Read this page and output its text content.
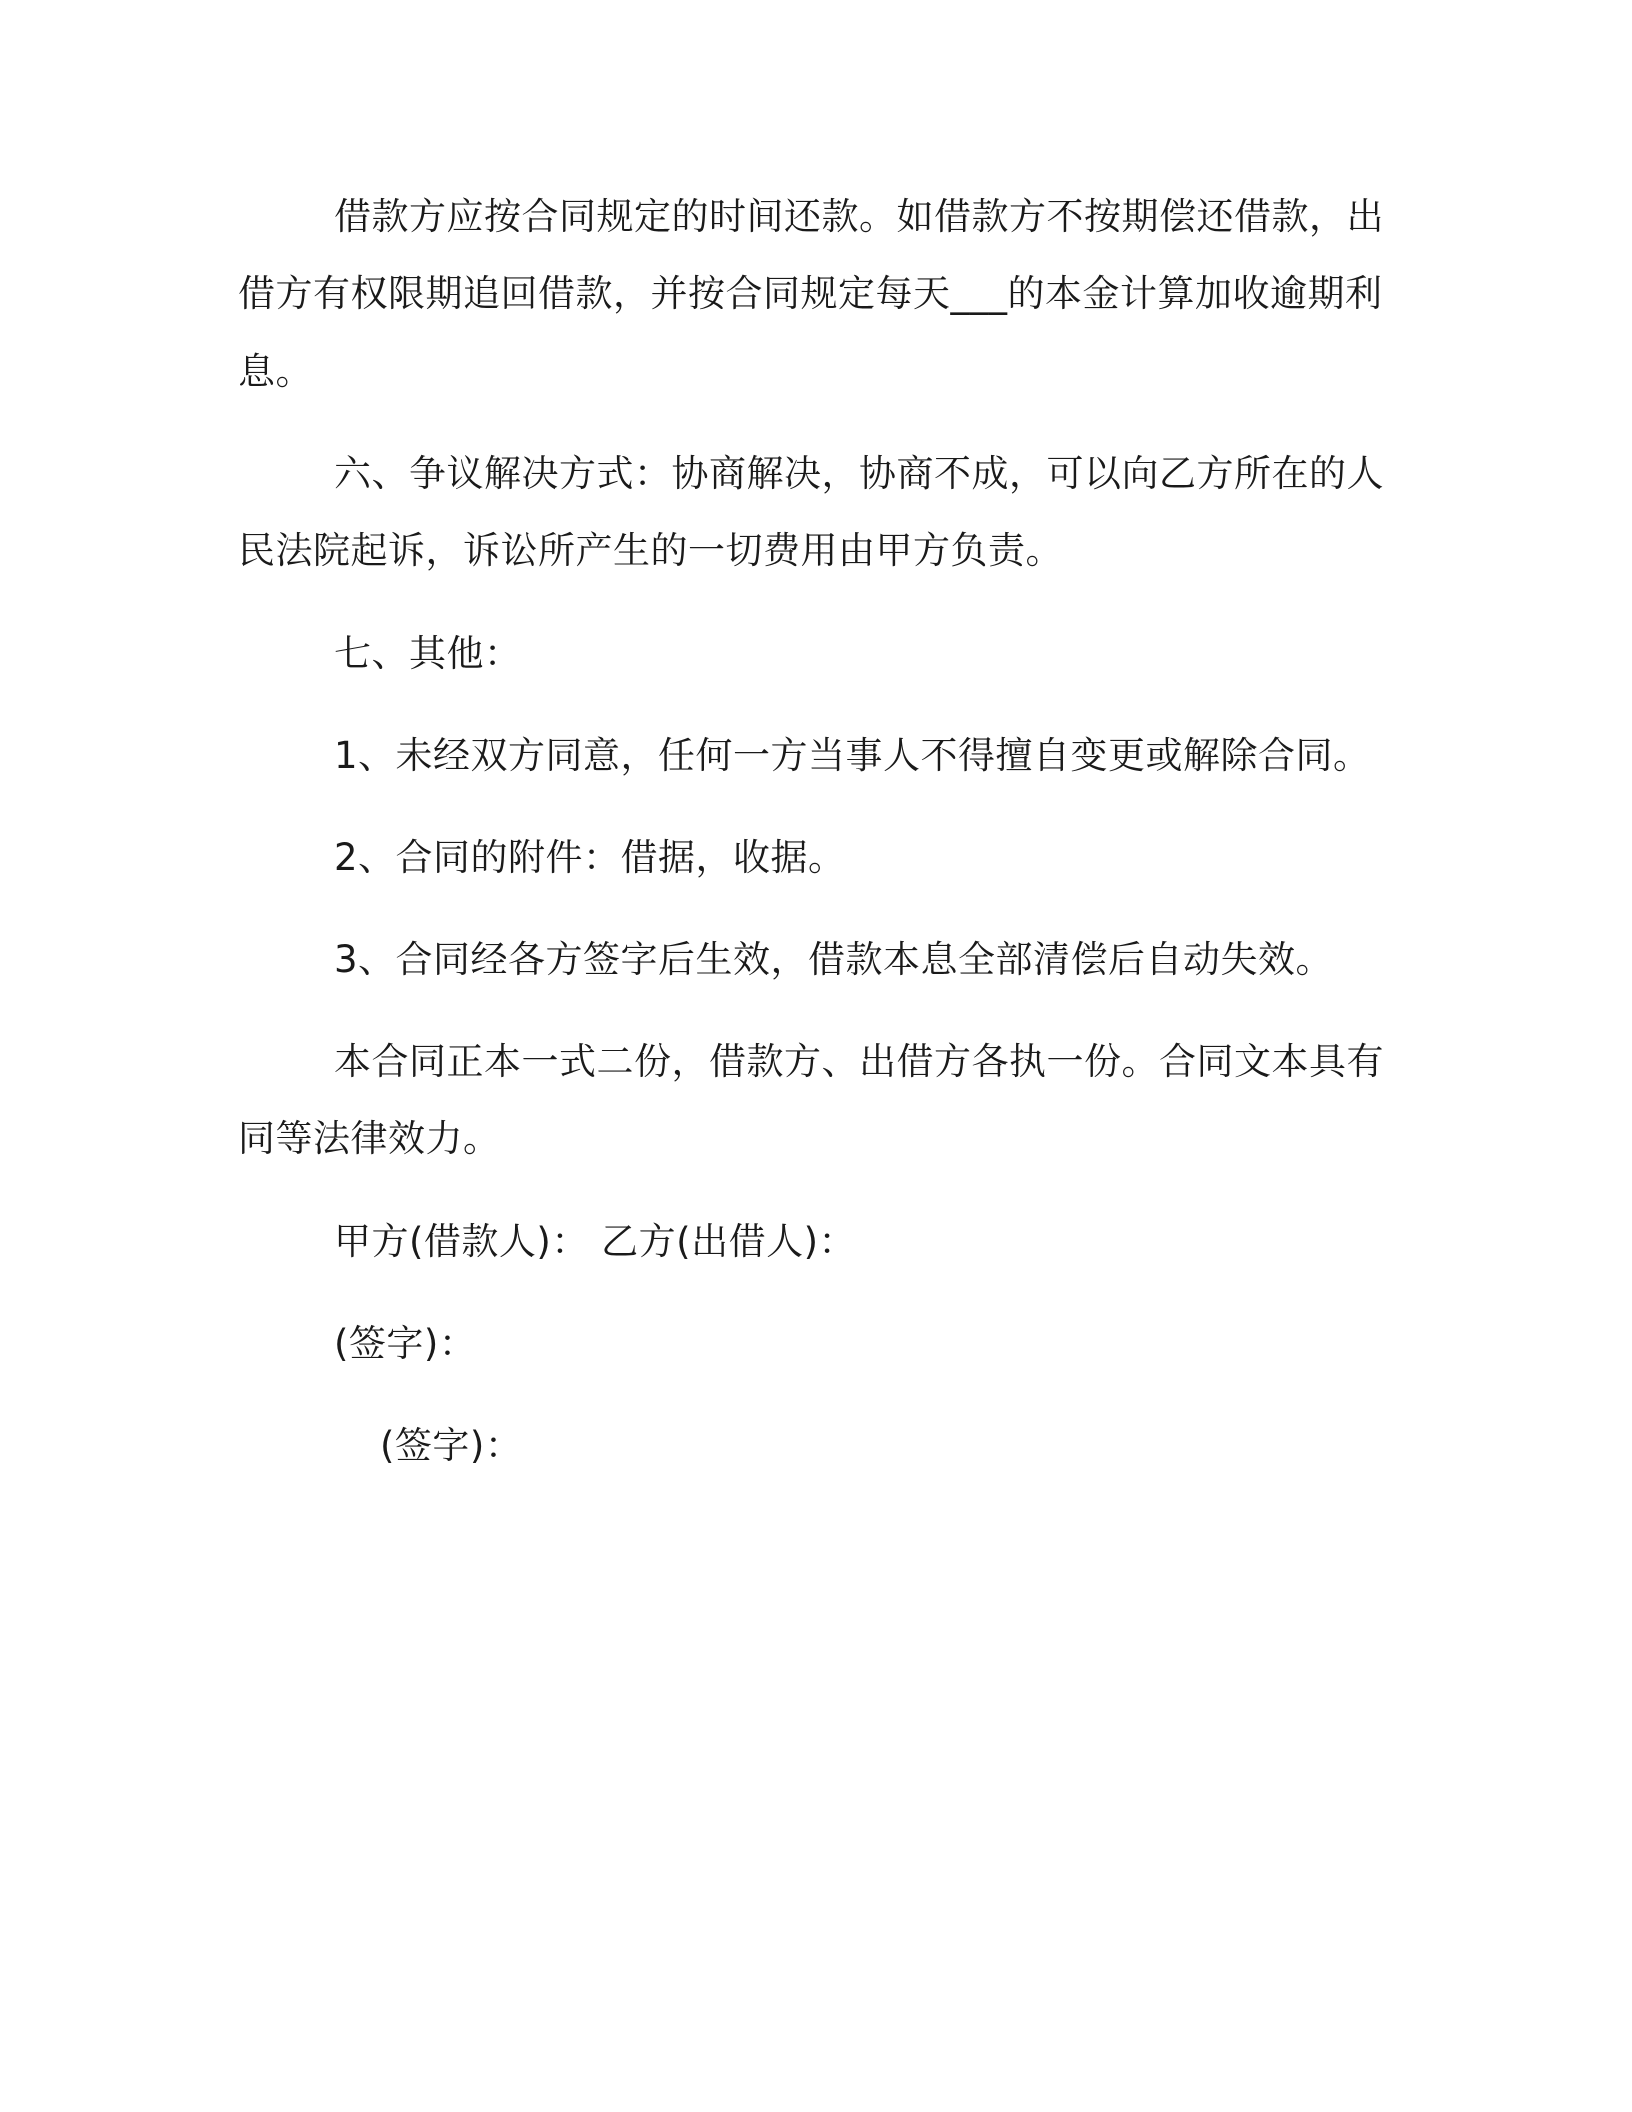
借款方应按合同规定的时间还款。如借款方不按期偿还借款，出
借方有权限期追回借款，并按合同规定每天___的本金计算加收逾期利
息。
六、争议解决方式：协商解决，协商不成，可以向乙方所在的人
民法院起诉，诉讼所产生的一切费用由甲方负责。
七、其他：
1、未经双方同意，任何一方当事人不得擅自变更或解除合同。
2、合同的附件：借据，收据。
3、合同经各方签字后生效，借款本息全部清偿后自动失效。
本合同正本一式二份，借款方、出借方各执一份。合同文本具有
同等法律效力。
甲方(借款人)： 乙方(出借人)：
(签字)：
(签字)：
